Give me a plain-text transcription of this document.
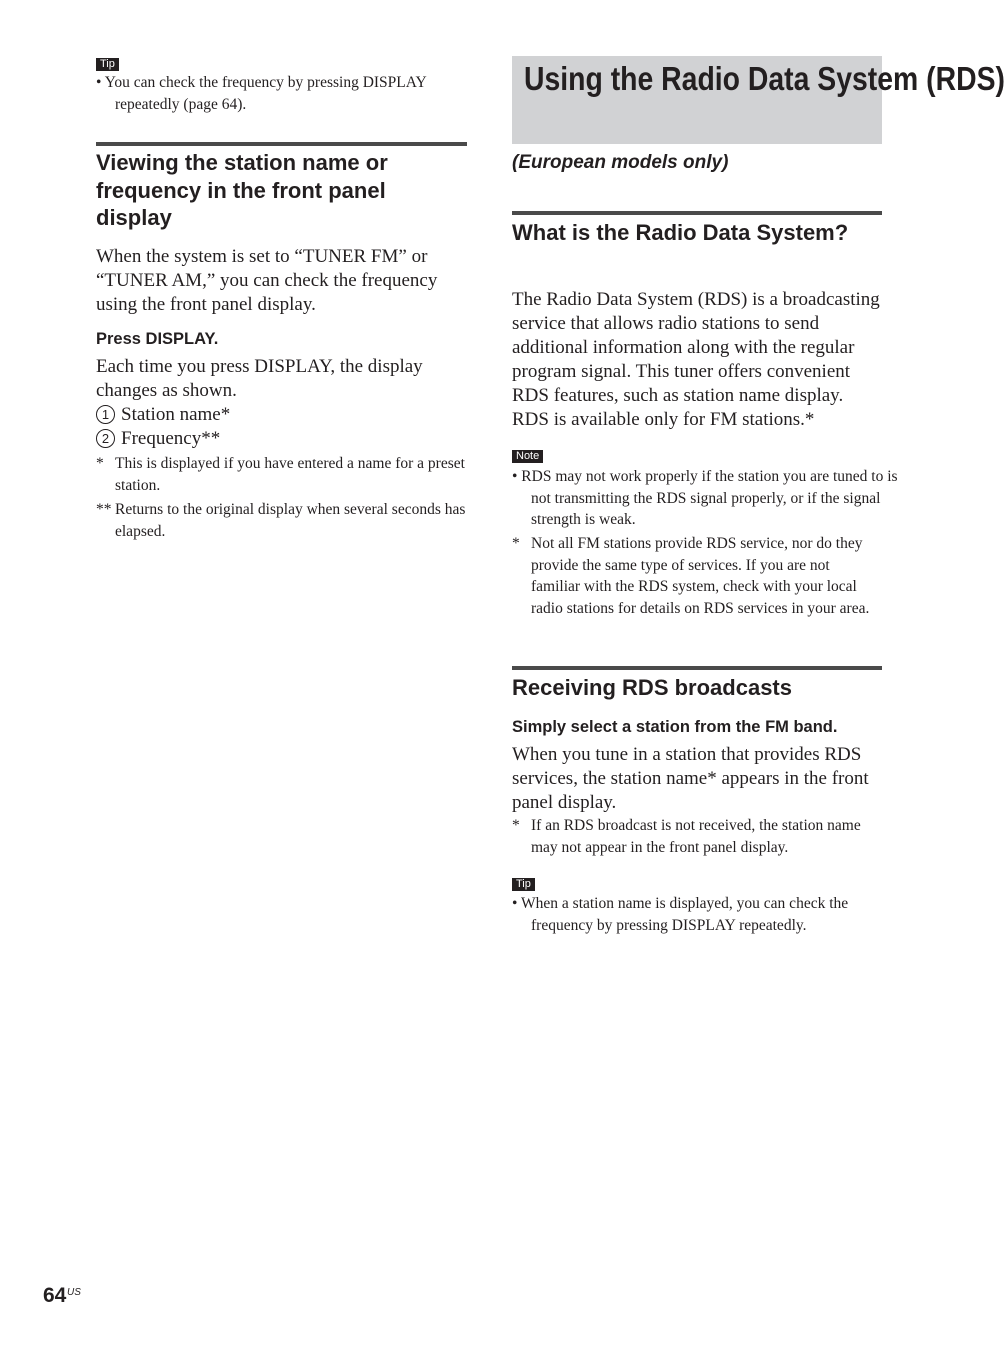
Tip
• You can check the frequency by pressing DISPLAY repeatedly (page 64).
Viewing the station name or frequency in the front panel display
When the system is set to “TUNER FM” or “TUNER AM,” you can check the frequency using the front panel display.
Press DISPLAY.
Each time you press DISPLAY, the display changes as shown.
1 Station name*
2 Frequency**
* This is displayed if you have entered a name for a preset station.
** Returns to the original display when several seconds has elapsed.
Using the Radio Data System (RDS)
(European models only)
What is the Radio Data System?
The Radio Data System (RDS) is a broadcasting service that allows radio stations to send additional information along with the regular program signal. This tuner offers convenient RDS features, such as station name display. RDS is available only for FM stations.*
Note
• RDS may not work properly if the station you are tuned to is not transmitting the RDS signal properly, or if the signal strength is weak.
* Not all FM stations provide RDS service, nor do they provide the same type of services. If you are not familiar with the RDS system, check with your local radio stations for details on RDS services in your area.
Receiving RDS broadcasts
Simply select a station from the FM band.
When you tune in a station that provides RDS services, the station name* appears in the front panel display.
* If an RDS broadcast is not received, the station name may not appear in the front panel display.
Tip
• When a station name is displayed, you can check the frequency by pressing DISPLAY repeatedly.
64 US
